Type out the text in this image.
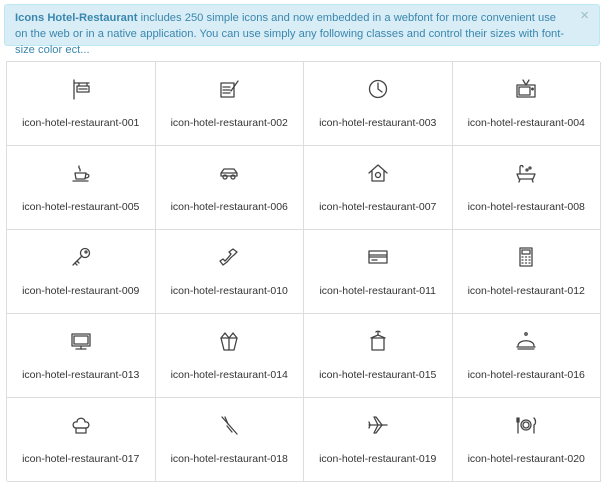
Icons Hotel-Restaurant includes 250 simple icons and now embedded in a webfont for more convenient use on the web or in a native application. You can use simply any following classes and control their sizes with font-size color ect...
×
icon-hotel-restaurant-001	icon-hotel-restaurant-002	icon-hotel-restaurant-003	icon-hotel-restaurant-004
icon-hotel-restaurant-005	icon-hotel-restaurant-006	icon-hotel-restaurant-007	icon-hotel-restaurant-008
icon-hotel-restaurant-009	icon-hotel-restaurant-010	icon-hotel-restaurant-011	icon-hotel-restaurant-012
icon-hotel-restaurant-013	icon-hotel-restaurant-014	icon-hotel-restaurant-015	icon-hotel-restaurant-016
icon-hotel-restaurant-017	icon-hotel-restaurant-018	icon-hotel-restaurant-019	icon-hotel-restaurant-020
